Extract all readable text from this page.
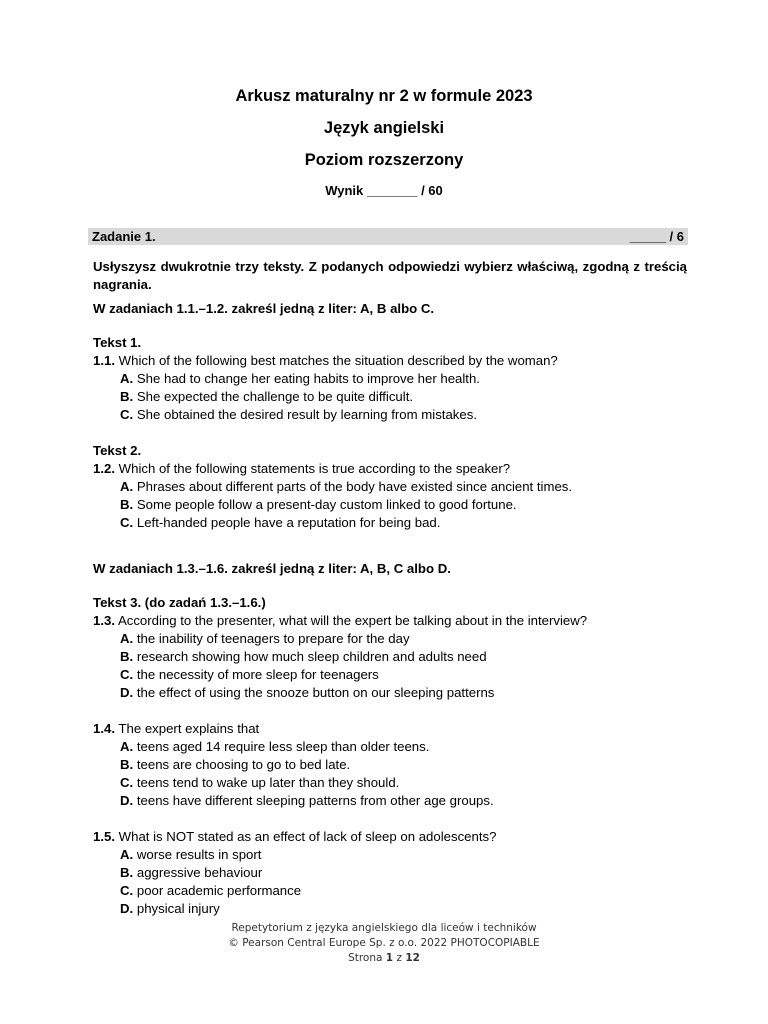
Arkusz maturalny nr 2 w formule 2023
Język angielski
Poziom rozszerzony
Wynik _______ / 60
Zadanie 1.	_____ / 6

Usłyszysz dwukrotnie trzy teksty. Z podanych odpowiedzi wybierz właściwą, zgodną z treścią nagrania.

W zadaniach 1.1.–1.2. zakreśl jedną z liter: A, B albo C.

Tekst 1.

1.1. Which of the following best matches the situation described by the woman?

A. She had to change her eating habits to improve her health.

B. She expected the challenge to be quite difficult.

C. She obtained the desired result by learning from mistakes.

Tekst 2.

1.2. Which of the following statements is true according to the speaker?

A. Phrases about different parts of the body have existed since ancient times.

B. Some people follow a present-day custom linked to good fortune.

C. Left-handed people have a reputation for being bad.

W zadaniach 1.3.–1.6. zakreśl jedną z liter: A, B, C albo D.

Tekst 3. (do zadań 1.3.–1.6.)

1.3. According to the presenter, what will the expert be talking about in the interview?

A. the inability of teenagers to prepare for the day

B. research showing how much sleep children and adults need

C. the necessity of more sleep for teenagers

D. the effect of using the snooze button on our sleeping patterns

1.4. The expert explains that

A. teens aged 14 require less sleep than older teens.

B. teens are choosing to go to bed late.

C. teens tend to wake up later than they should.

D. teens have different sleeping patterns from other age groups.

1.5. What is NOT stated as an effect of lack of sleep on adolescents?

A. worse results in sport

B. aggressive behaviour

C. poor academic performance

D. physical injury

Repetytorium z języka angielskiego dla liceów i techników
© Pearson Central Europe Sp. z o.o. 2022 PHOTOCOPIABLE
Strona 1 z 12
